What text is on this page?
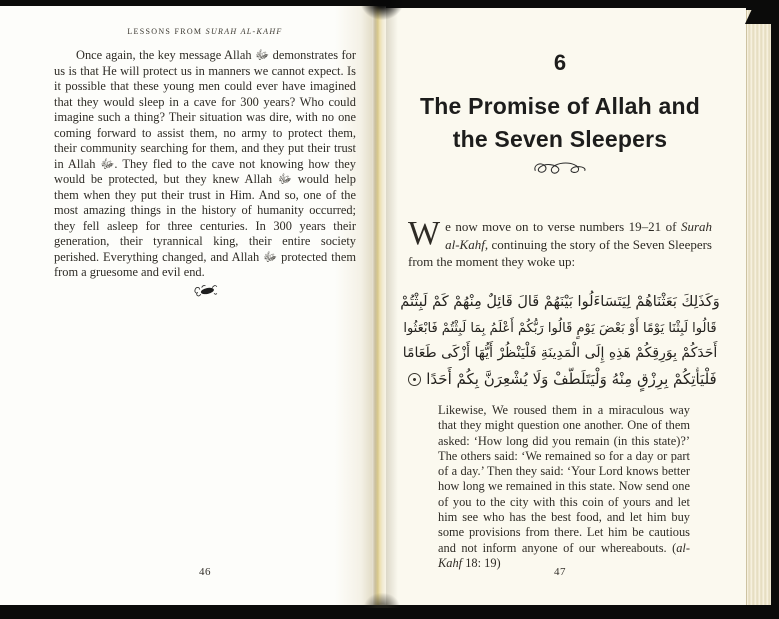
LESSONS FROM SURAH AL-KAHF

Once again, the key message Allah ﷻ demonstrates for us is that He will protect us in manners we cannot expect. Is it possible that these young men could ever have imagined that they would sleep in a cave for 300 years? Who could imagine such a thing? Their situation was dire, with no one coming forward to assist them, no army to protect them, their community searching for them, and they put their trust in Allah ﷻ. They fled to the cave not knowing how they would be protected, but they knew Allah ﷻ would help them when they put their trust in Him. And so, one of the most amazing things in the history of humanity occurred; they fell asleep for three centuries. In 300 years their generation, their tyrannical king, their entire society perished. Everything changed, and Allah ﷻ protected them from a gruesome and evil end.

46
6
The Promise of Allah and
the Seven Sleepers

We now move on to verse numbers 19–21 of Surah al-Kahf, continuing the story of the Seven Sleepers from the moment they woke up:

وَكَذَلِكَ بَعَثْنَاهُمْ لِيَتَسَاءَلُوا بَيْنَهُمْ قَالَ قَائِلٌ مِنْهُمْ كَمْ لَبِثْتُمْ
قَالُوا لَبِثْنَا يَوْمًا أَوْ بَعْضَ يَوْمٍ قَالُوا رَبُّكُمْ أَعْلَمُ بِمَا لَبِثْتُمْ فَابْعَثُوا
أَحَدَكُمْ بِوَرِقِكُمْ هَذِهِ إِلَى الْمَدِينَةِ فَلْيَنْظُرْ أَيُّهَا أَزْكَى طَعَامًا
فَلْيَأْتِكُمْ بِرِزْقٍ مِنْهُ وَلْيَتَلَطَّفْ وَلَا يُشْعِرَنَّ بِكُمْ أَحَدًا

Likewise, We roused them in a miraculous way that they might question one another. One of them asked: ‘How long did you remain (in this state)?’ The others said: ‘We remained so for a day or part of a day.’ Then they said: ‘Your Lord knows better how long we remained in this state. Now send one of you to the city with this coin of yours and let him see who has the best food, and let him buy some provisions from there. Let him be cautious and not inform anyone of our whereabouts. (al-Kahf 18: 19)

47
